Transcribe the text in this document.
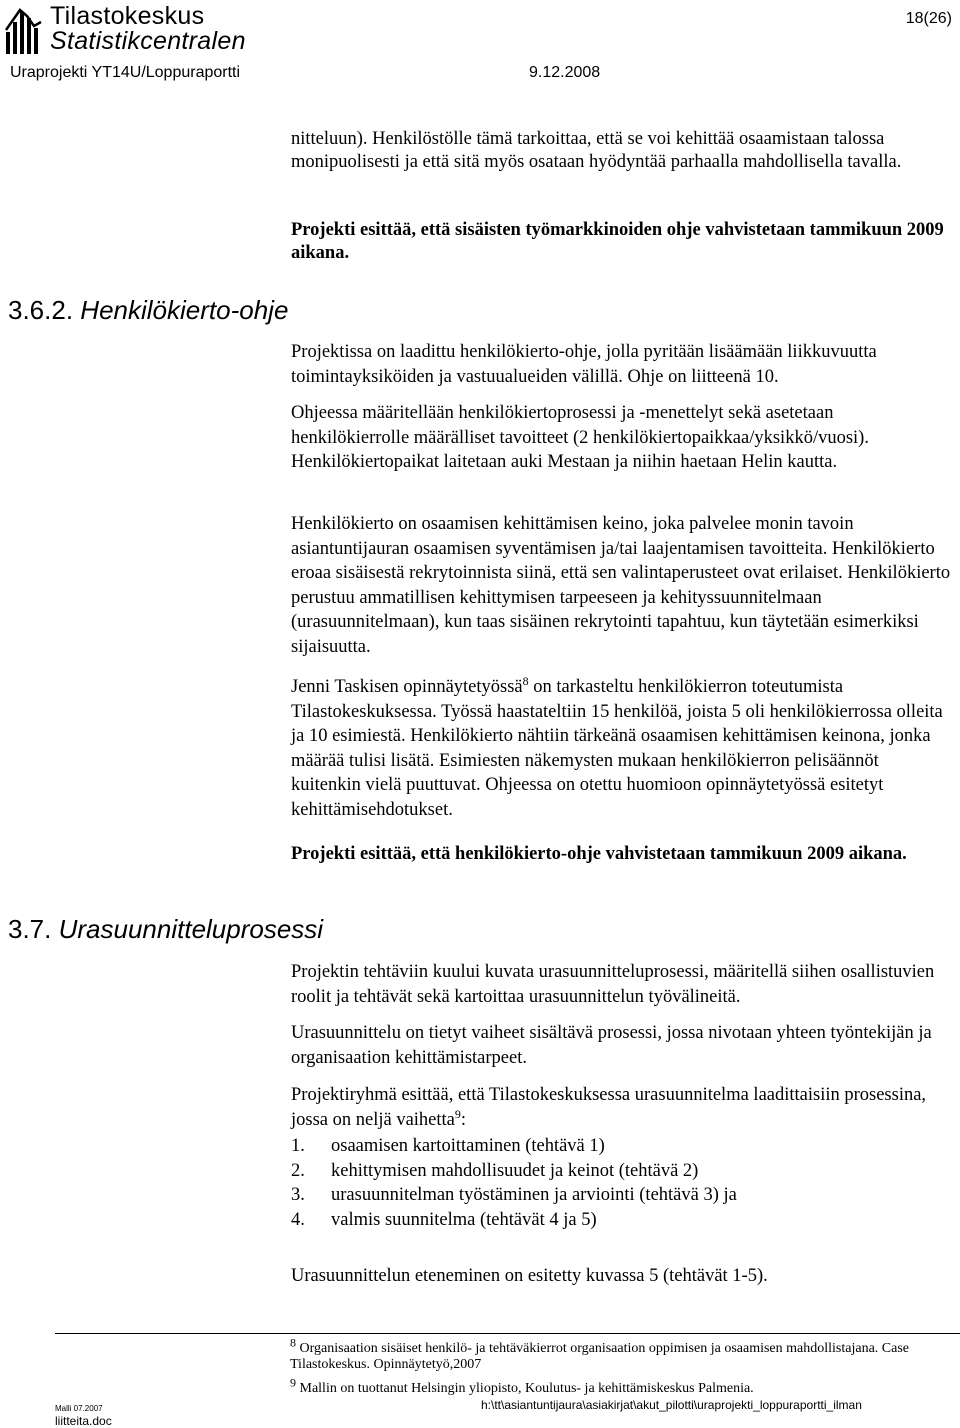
Tilastokeskus
Statistikcentralen
18(26)
Uraprojekti YT14U/Loppuraportti	9.12.2008
nitteluun). Henkilöstölle tämä tarkoittaa, että se voi kehittää osaamistaan talossa monipuolisesti ja että sitä myös osataan hyödyntää parhaalla mahdollisella tavalla.
Projekti esittää, että sisäisten työmarkkinoiden ohje vahvistetaan tammikuun 2009 aikana.
3.6.2. Henkilökierto-ohje
Projektissa on laadittu henkilökierto-ohje, jolla pyritään lisäämään liikkuvuutta toimintayksiköiden ja vastuualueiden välillä. Ohje on liitteenä 10.
Ohjeessa määritellään henkilökiertoprosessi ja -menettelyt sekä asetetaan henkilökierrolle määrälliset tavoitteet (2 henkilökiertopaikkaa/yksikkö/vuosi). Henkilökiertopaikat laitetaan auki Mestaan ja niihin haetaan Helin kautta.
Henkilökierto on osaamisen kehittämisen keino, joka palvelee monin tavoin asiantuntijauran osaamisen syventämisen ja/tai laajentamisen tavoitteita. Henkilökierto eroaa sisäisestä rekrytoinnista siinä, että sen valintaperusteet ovat erilaiset. Henkilökierto perustuu ammatillisen kehittymisen tarpeeseen ja kehityssuunnitelmaan (urasuunnitelmaan), kun taas sisäinen rekrytointi tapahtuu, kun täytetään esimerkiksi sijaisuutta.
Jenni Taskisen opinnäytetyössä$^8$ on tarkasteltu henkilökierron toteutumista Tilastokeskuksessa. Työssä haastateltiin 15 henkilöä, joista 5 oli henkilökierrossa olleita ja 10 esimiestä. Henkilökierto nähtiin tärkeänä osaamisen kehittämisen keinona, jonka määrää tulisi lisätä. Esimiesten näkemysten mukaan henkilökierron pelisäännöt kuitenkin vielä puuttuvat. Ohjeessa on otettu huomioon opinnäytetyössä esitetyt kehittämisehdotukset.
Projekti esittää, että henkilökierto-ohje vahvistetaan tammikuun 2009 aikana.
3.7. Urasuunnitteluprosessi
Projektin tehtäviin kuului kuvata urasuunnitteluprosessi, määritellä siihen osallistuvien roolit ja tehtävät sekä kartoittaa urasuunnittelun työvälineitä.
Urasuunnittelu on tietyt vaiheet sisältävä prosessi, jossa nivotaan yhteen työntekijän ja organisaation kehittämistarpeet.
Projektiryhmä esittää, että Tilastokeskuksessa urasuunnitelma laadittaisiin prosessina, jossa on neljä vaihetta$^9$:
1.	osaamisen kartoittaminen (tehtävä 1)
2.	kehittymisen mahdollisuudet ja keinot (tehtävä 2)
3.	urasuunnitelman työstäminen ja arviointi (tehtävä 3) ja
4.	valmis suunnitelma (tehtävät 4 ja 5)
Urasuunnittelun eteneminen on esitetty kuvassa 5 (tehtävät 1-5).
$^8$ Organisaation sisäiset henkilö- ja tehtäväkierrot organisaation oppimisen ja osaamisen mahdollistajana. Case Tilastokeskus. Opinnäytetyö,2007
$^9$ Mallin on tuottanut Helsingin yliopisto, Koulutus- ja kehittämiskeskus Palmenia.
Malli 07.2007
liitteita.doc
h:\tt\asiantuntijaura\asiakirjat\akut_pilotti\uraprojekti_loppuraportti_ilman
